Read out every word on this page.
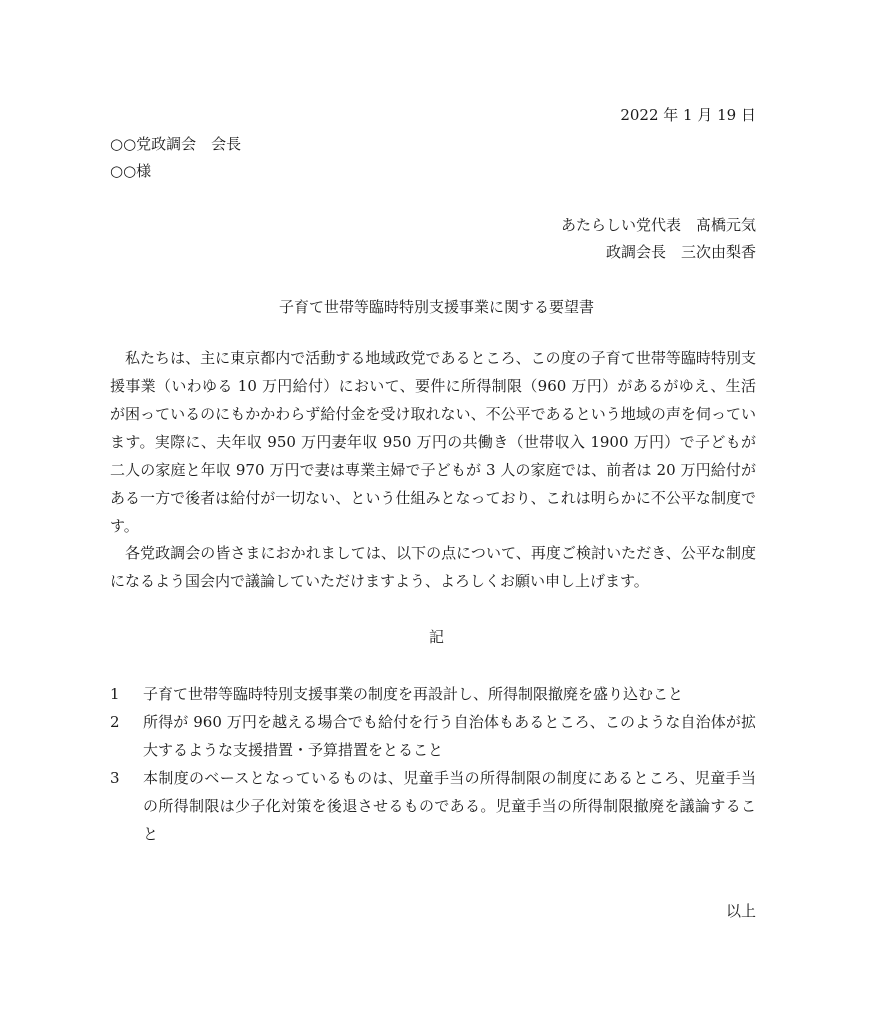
2022 年 1 月 19 日
○○党政調会　会長
○○様
あたらしい党代表　髙橋元気
政調会長　三次由梨香
子育て世帯等臨時特別支援事業に関する要望書

私たちは、主に東京都内で活動する地域政党であるところ、この度の子育て世帯等臨時特別支援事業（いわゆる 10 万円給付）において、要件に所得制限（960 万円）があるがゆえ、生活が困っているのにもかかわらず給付金を受け取れない、不公平であるという地域の声を伺っています。実際に、夫年収 950 万円妻年収 950 万円の共働き（世帯収入 1900 万円）で子どもが二人の家庭と年収 970 万円で妻は専業主婦で子どもが 3 人の家庭では、前者は 20 万円給付がある一方で後者は給付が一切ない、という仕組みとなっており、これは明らかに不公平な制度です。

各党政調会の皆さまにおかれましては、以下の点について、再度ご検討いただき、公平な制度になるよう国会内で議論していただけますよう、よろしくお願い申し上げます。

記
1	子育て世帯等臨時特別支援事業の制度を再設計し、所得制限撤廃を盛り込むこと
2	所得が 960 万円を越える場合でも給付を行う自治体もあるところ、このような自治体が拡大するような支援措置・予算措置をとること
3	本制度のベースとなっているものは、児童手当の所得制限の制度にあるところ、児童手当の所得制限は少子化対策を後退させるものである。児童手当の所得制限撤廃を議論すること
以上
